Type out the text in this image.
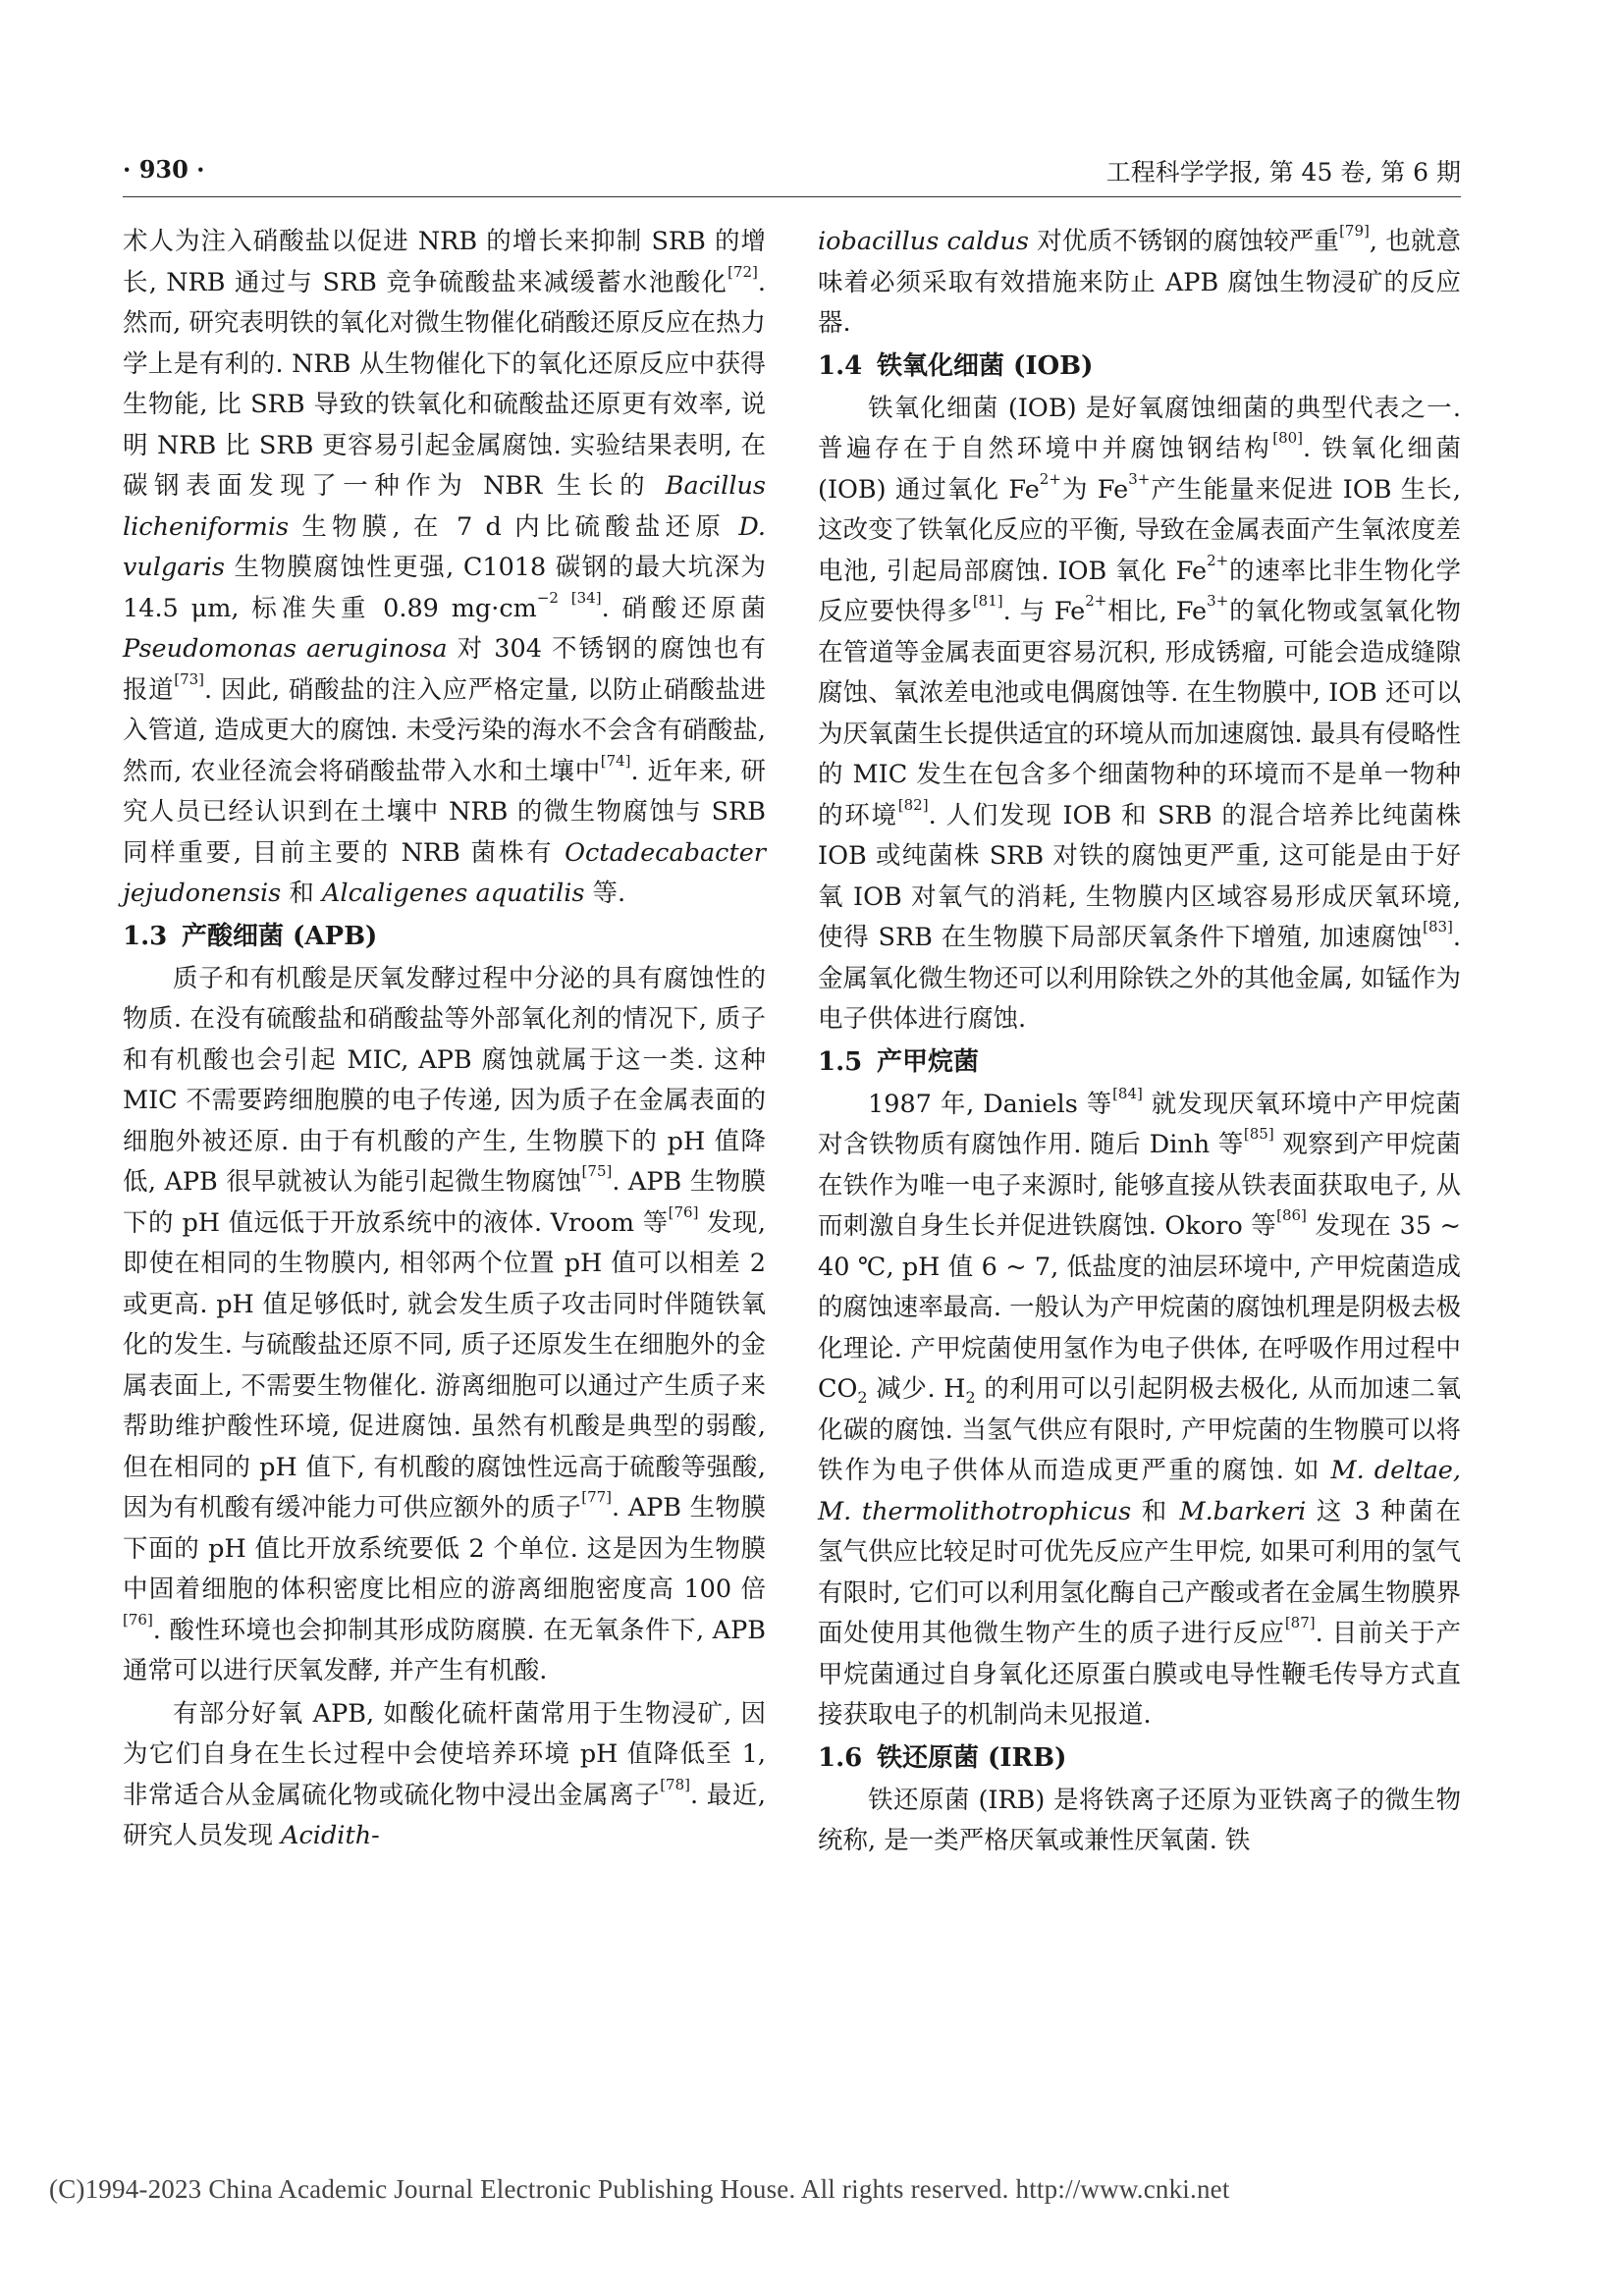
· 930 ·	工程科学学报, 第 45 卷, 第 6 期

术人为注入硝酸盐以促进 NRB 的增长来抑制 SRB 的增长, NRB 通过与 SRB 竞争硫酸盐来减缓蓄水池酸化[72]. 然而, 研究表明铁的氧化对微生物催化硝酸还原反应在热力学上是有利的. NRB 从生物催化下的氧化还原反应中获得生物能, 比 SRB 导致的铁氧化和硫酸盐还原更有效率, 说明 NRB 比 SRB 更容易引起金属腐蚀. 实验结果表明, 在碳钢表面发现了一种作为 NBR 生长的 Bacillus licheniformis 生物膜, 在 7 d 内比硫酸盐还原 D. vulgaris 生物膜腐蚀性更强, C1018 碳钢的最大坑深为 14.5 μm, 标准失重 0.89 $mg\cdot cm^{-2}$ [34]. 硝酸还原菌 Pseudomonas aeruginosa 对 304 不锈钢的腐蚀也有报道[73]. 因此, 硝酸盐的注入应严格定量, 以防止硝酸盐进入管道, 造成更大的腐蚀. 未受污染的海水不会含有硝酸盐, 然而, 农业径流会将硝酸盐带入水和土壤中[74]. 近年来, 研究人员已经认识到在土壤中 NRB 的微生物腐蚀与 SRB 同样重要, 目前主要的 NRB 菌株有 Octadecabacter jejudonensis 和 Alcaligenes aquatilis 等.

1.3 产酸细菌 (APB)

质子和有机酸是厌氧发酵过程中分泌的具有腐蚀性的物质. 在没有硫酸盐和硝酸盐等外部氧化剂的情况下, 质子和有机酸也会引起 MIC, APB 腐蚀就属于这一类. 这种 MIC 不需要跨细胞膜的电子传递, 因为质子在金属表面的细胞外被还原. 由于有机酸的产生, 生物膜下的 pH 值降低, APB 很早就被认为能引起微生物腐蚀[75]. APB 生物膜下的 pH 值远低于开放系统中的液体. Vroom 等[76] 发现, 即使在相同的生物膜内, 相邻两个位置 pH 值可以相差 2 或更高. pH 值足够低时, 就会发生质子攻击同时伴随铁氧化的发生. 与硫酸盐还原不同, 质子还原发生在细胞外的金属表面上, 不需要生物催化. 游离细胞可以通过产生质子来帮助维护酸性环境, 促进腐蚀. 虽然有机酸是典型的弱酸, 但在相同的 pH 值下, 有机酸的腐蚀性远高于硫酸等强酸, 因为有机酸有缓冲能力可供应额外的质子[77]. APB 生物膜下面的 pH 值比开放系统要低 2 个单位. 这是因为生物膜中固着细胞的体积密度比相应的游离细胞密度高 100 倍[76]. 酸性环境也会抑制其形成防腐膜. 在无氧条件下, APB 通常可以进行厌氧发酵, 并产生有机酸.

有部分好氧 APB, 如酸化硫杆菌常用于生物浸矿, 因为它们自身在生长过程中会使培养环境 pH 值降低至 1, 非常适合从金属硫化物或硫化物中浸出金属离子[78]. 最近, 研究人员发现 Acidith-

iobacillus caldus 对优质不锈钢的腐蚀较严重[79], 也就意味着必须采取有效措施来防止 APB 腐蚀生物浸矿的反应器.

1.4 铁氧化细菌 (IOB)

铁氧化细菌 (IOB) 是好氧腐蚀细菌的典型代表之一. 普遍存在于自然环境中并腐蚀钢结构[80]. 铁氧化细菌 (IOB) 通过氧化 $Fe^{2+}$为 $Fe^{3+}$产生能量来促进 IOB 生长, 这改变了铁氧化反应的平衡, 导致在金属表面产生氧浓度差电池, 引起局部腐蚀. IOB 氧化 $Fe^{2+}$的速率比非生物化学反应要快得多[81]. 与 $Fe^{2+}$相比, $Fe^{3+}$的氧化物或氢氧化物在管道等金属表面更容易沉积, 形成锈瘤, 可能会造成缝隙腐蚀、氧浓差电池或电偶腐蚀等. 在生物膜中, IOB 还可以为厌氧菌生长提供适宜的环境从而加速腐蚀. 最具有侵略性的 MIC 发生在包含多个细菌物种的环境而不是单一物种的环境[82]. 人们发现 IOB 和 SRB 的混合培养比纯菌株 IOB 或纯菌株 SRB 对铁的腐蚀更严重, 这可能是由于好氧 IOB 对氧气的消耗, 生物膜内区域容易形成厌氧环境, 使得 SRB 在生物膜下局部厌氧条件下增殖, 加速腐蚀[83]. 金属氧化微生物还可以利用除铁之外的其他金属, 如锰作为电子供体进行腐蚀.

1.5 产甲烷菌

1987 年, Daniels 等[84] 就发现厌氧环境中产甲烷菌对含铁物质有腐蚀作用. 随后 Dinh 等[85] 观察到产甲烷菌在铁作为唯一电子来源时, 能够直接从铁表面获取电子, 从而刺激自身生长并促进铁腐蚀. Okoro 等[86] 发现在 35 ~ 40 ℃, pH 值 6 ~ 7, 低盐度的油层环境中, 产甲烷菌造成的腐蚀速率最高. 一般认为产甲烷菌的腐蚀机理是阴极去极化理论. 产甲烷菌使用氢作为电子供体, 在呼吸作用过程中 $CO_2$ 减少. $H_2$ 的利用可以引起阴极去极化, 从而加速二氧化碳的腐蚀. 当氢气供应有限时, 产甲烷菌的生物膜可以将铁作为电子供体从而造成更严重的腐蚀. 如 M. deltae, M. thermolithotrophicus 和 M.barkeri 这 3 种菌在氢气供应比较足时可优先反应产生甲烷, 如果可利用的氢气有限时, 它们可以利用氢化酶自己产酸或者在金属生物膜界面处使用其他微生物产生的质子进行反应[87]. 目前关于产甲烷菌通过自身氧化还原蛋白膜或电导性鞭毛传导方式直接获取电子的机制尚未见报道.

1.6 铁还原菌 (IRB)

铁还原菌 (IRB) 是将铁离子还原为亚铁离子的微生物统称, 是一类严格厌氧或兼性厌氧菌. 铁

(C)1994-2023 China Academic Journal Electronic Publishing House. All rights reserved. http://www.cnki.net
